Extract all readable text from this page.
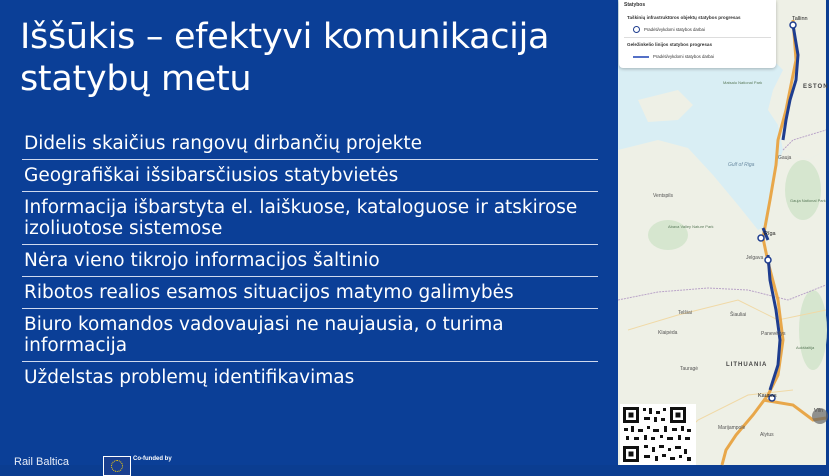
Iššūkis – efektyvi komunikacija statybų metu
Didelis skaičius rangovų dirbančių projekte
Geografiškai išsibarsčiusios statybvietės
Informacija išbarstyta el. laiškuose, kataloguose ir atskirose izoliuotose sistemose
Nėra vieno tikrojo informacijos šaltinio
Ribotos realios esamos situacijos matymo galimybės
Biuro komandos vadovaujasi ne naujausia, o turima informacija
Uždelstas problemų identifikavimas
Rail Baltica	Co-funded by
Tallinn
ESTON
Matsalu National Park
Gulf of Riga
Gauja
Gauja National Park
Ventspils
Abava Valley Nature Park
Rīga
Jelgava
Šiauliai
Telšiai
Panevėžys
Aukštaitija
Klaipėda
LITHUANIA
Tauragė
Kaunas
Marijampolė
Alytus
Statybos
Taškinių infrastruktūros objektų statybos progresas
Pradėti/vykdomi statybos darbai
Geležinkelio linijos statybos progresas
Pradėti/vykdomi statybos darbai
